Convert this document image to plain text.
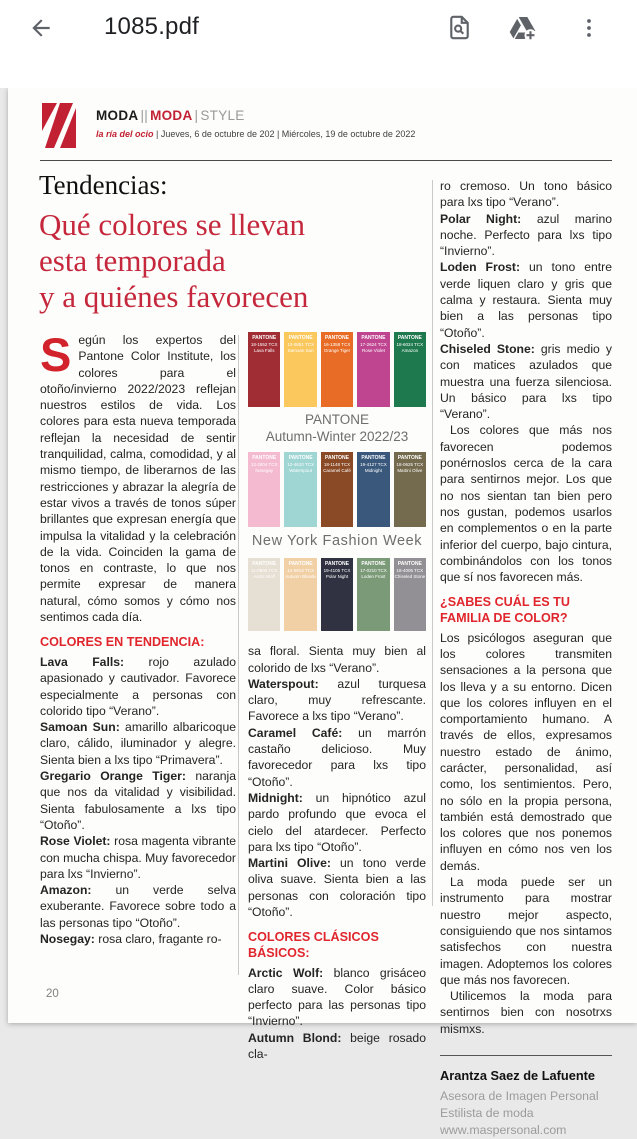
1085.pdf
MODA || MODA | STYLE
la ría del ocio | Jueves, 6 de octubre de 202 | Miércoles, 19 de octubre de 2022
Tendencias:
Qué colores se llevan
esta temporada
y a quiénes favorecen

Según los expertos del Pantone Color Institute, los colores para el otoño/invierno 2022/2023 reflejan nuestros estilos de vida. Los colores para esta nueva temporada reflejan la necesidad de sentir tranquilidad, calma, comodidad, y al mismo tiempo, de liberarnos de las restricciones y abrazar la alegría de estar vivos a través de tonos súper brillantes que expresan energía que impulsa la vitalidad y la celebración de la vida. Coinciden la gama de tonos en contraste, lo que nos permite expresar de manera natural, cómo somos y cómo nos sentimos cada día.

COLORES EN TENDENCIA:

Lava Falls: rojo azulado apasionado y cautivador. Favorece especialmente a personas con colorido tipo “Verano”.

Samoan Sun: amarillo albaricoque claro, cálido, iluminador y alegre. Sienta bien a lxs tipo “Primavera”.

Gregario Orange Tiger: naranja que nos da vitalidad y visibilidad. Sienta fabulosamente a lxs tipo “Otoño”.

Rose Violet: rosa magenta vibrante con mucha chispa. Muy favorecedor para lxs “Invierno”.

Amazon: un verde selva exuberante. Favorece sobre todo a las personas tipo “Otoño”.

Nosegay: rosa claro, fragante ro-

PANTONE
18-1552 TCX
Lava Falls
PANTONE
13-0851 TCX
Samoan Sun
PANTONE
16-1358 TCX
Orange Tiger
PANTONE
17-2624 TCX
Rose Violet
PANTONE
18-6024 TCX
Amazon
PANTONE
Autumn-Winter 2022/23
PANTONE
13-2804 TCX
Nosegay
PANTONE
12-4610 TCX
Waterspout
PANTONE
18-1148 TCX
Caramel Café
PANTONE
19-4127 TCX
Midnight
PANTONE
18-0625 TCX
Martini Olive
New York Fashion Week
PANTONE
11-0605 TCX
Arctic Wolf
PANTONE
12-0813 TCX
Autumn Blonde
PANTONE
19-4105 TCX
Polar Night
PANTONE
17-0210 TCX
Loden Frost
PANTONE
18-4005 TCX
Chiseled Stone

sa floral. Sienta muy bien al colorido de lxs “Verano”.

Waterspout: azul turquesa claro, muy refrescante. Favorece a lxs tipo “Verano”.

Caramel Café: un marrón castaño delicioso. Muy favorecedor para lxs tipo “Otoño”.

Midnight: un hipnótico azul pardo profundo que evoca el cielo del atardecer. Perfecto para lxs tipo “Otoño”.

Martini Olive: un tono verde oliva suave. Sienta bien a las personas con coloración tipo “Otoño”.

COLORES CLÁSICOS BÁSICOS:

Arctic Wolf: blanco grisáceo claro suave. Color básico perfecto para las personas tipo “Invierno”.

Autumn Blond: beige rosado cla-

ro cremoso. Un tono básico para lxs tipo “Verano”.

Polar Night: azul marino noche. Perfecto para lxs tipo “Invierno”.

Loden Frost: un tono entre verde liquen claro y gris que calma y restaura. Sienta muy bien a las personas tipo “Otoño”.

Chiseled Stone: gris medio y con matices azulados que muestra una fuerza silenciosa. Un básico para lxs tipo “Verano”.

Los colores que más nos favorecen podemos ponérnoslos cerca de la cara para sentirnos mejor. Los que no nos sientan tan bien pero nos gustan, podemos usarlos en complementos o en la parte inferior del cuerpo, bajo cintura, combinándolos con los tonos que sí nos favorecen más.

¿SABES CUÁL ES TU FAMILIA DE COLOR?

Los psicólogos aseguran que los colores transmiten sensaciones a la persona que los lleva y a su entorno. Dicen que los colores influyen en el comportamiento humano. A través de ellos, expresamos nuestro estado de ánimo, carácter, personalidad, así como, los sentimientos. Pero, no sólo en la propia persona, también está demostrado que los colores que nos ponemos influyen en cómo nos ven los demás.

La moda puede ser un instrumento para mostrar nuestro mejor aspecto, consiguiendo que nos sintamos satisfechos con nuestra imagen. Adoptemos los colores que más nos favorecen.

Utilicemos la moda para sentirnos bien con nosotrxs mismxs.

Arantza Saez de Lafuente

Asesora de Imagen Personal

Estilista de moda

www.maspersonal.com

20
